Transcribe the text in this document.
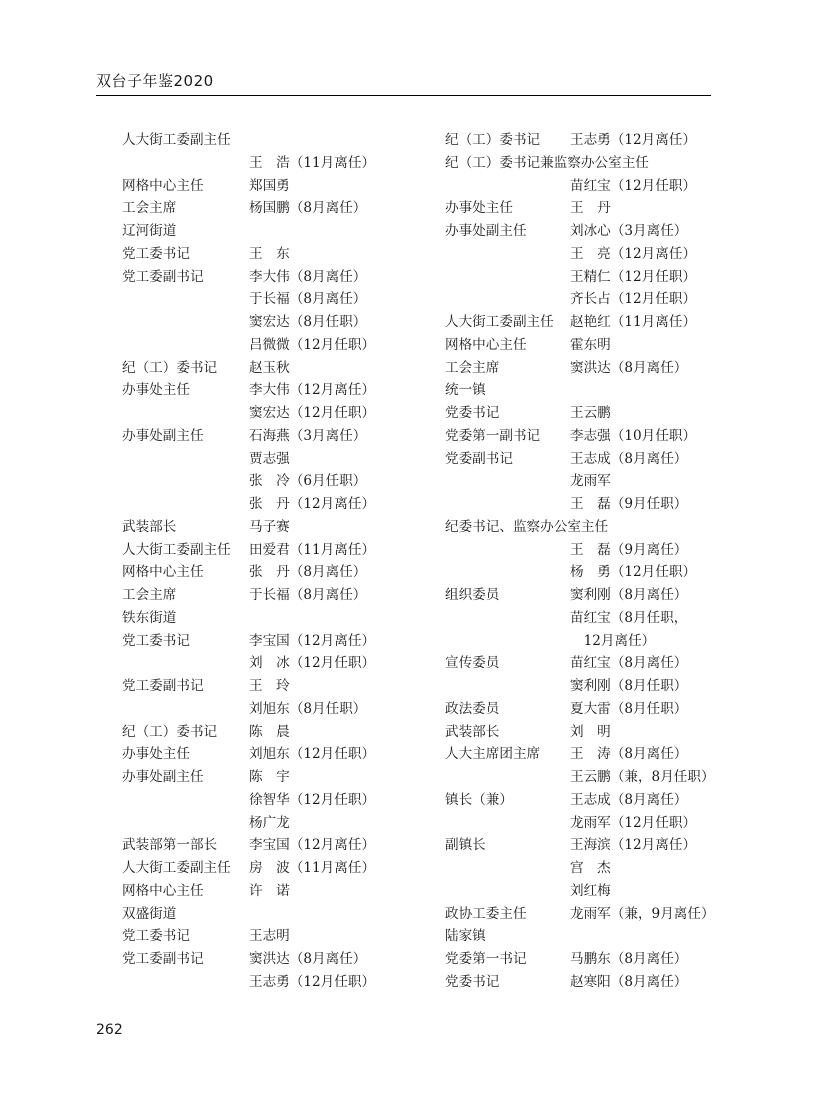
双台子年鉴2020
人大街工委副主任
王　浩（11月离任）
网格中心主任	郑国勇
工会主席	杨国鹏（8月离任）
辽河街道
党工委书记	王　东
党工委副书记	李大伟（8月离任）
于长福（8月离任）
窦宏达（8月任职）
吕微微（12月任职）
纪（工）委书记 赵玉秋
办事处主任	李大伟（12月离任）
窦宏达（12月任职）
办事处副主任	石海燕（3月离任）
贾志强
张　冷（6月任职）
张　丹（12月离任）
武装部长	马子赛
人大街工委副主任 田爱君（11月离任）
网格中心主任	张　丹（8月离任）
工会主席	于长福（8月离任）
铁东街道
党工委书记	李宝国（12月离任）
刘　冰（12月任职）
党工委副书记	王　玲
刘旭东（8月任职）
纪（工）委书记 陈　晨
办事处主任	刘旭东（12月任职）
办事处副主任	陈　宇
徐智华（12月任职）
杨广龙
武装部第一部长 李宝国（12月离任）
人大街工委副主任 房　波（11月离任）
网格中心主任	许　诺
双盛街道
党工委书记	王志明
党工委副书记	窦洪达（8月离任）
王志勇（12月任职）
纪（工）委书记 王志勇（12月离任）
纪（工）委书记兼监察办公室主任
苗红宝（12月任职）
办事处主任	王　丹
办事处副主任	刘冰心（3月离任）
王　亮（12月离任）
王精仁（12月任职）
齐长占（12月任职）
人大街工委副主任 赵艳红（11月离任）
网格中心主任	霍东明
工会主席	窦洪达（8月离任）
统一镇
党委书记	王云鹏
党委第一副书记 李志强（10月任职）
党委副书记	王志成（8月离任）
龙雨军
王　磊（9月任职）
纪委书记、监察办公室主任
王　磊（9月离任）
杨　勇（12月任职）
组织委员	窦利刚（8月离任）
苗红宝（8月任职，
　12月离任）
宣传委员	苗红宝（8月离任）
窦利刚（8月任职）
政法委员	夏大雷（8月任职）
武装部长	刘　明
人大主席团主席 王　涛（8月离任）
王云鹏（兼，8月任职）
镇长（兼）	王志成（8月离任）
龙雨军（12月任职）
副镇长	王海滨（12月离任）
宫　杰
刘红梅
政协工委主任	龙雨军（兼，9月离任）
陆家镇
党委第一书记	马鹏东（8月离任）
党委书记	赵寒阳（8月离任）
262
